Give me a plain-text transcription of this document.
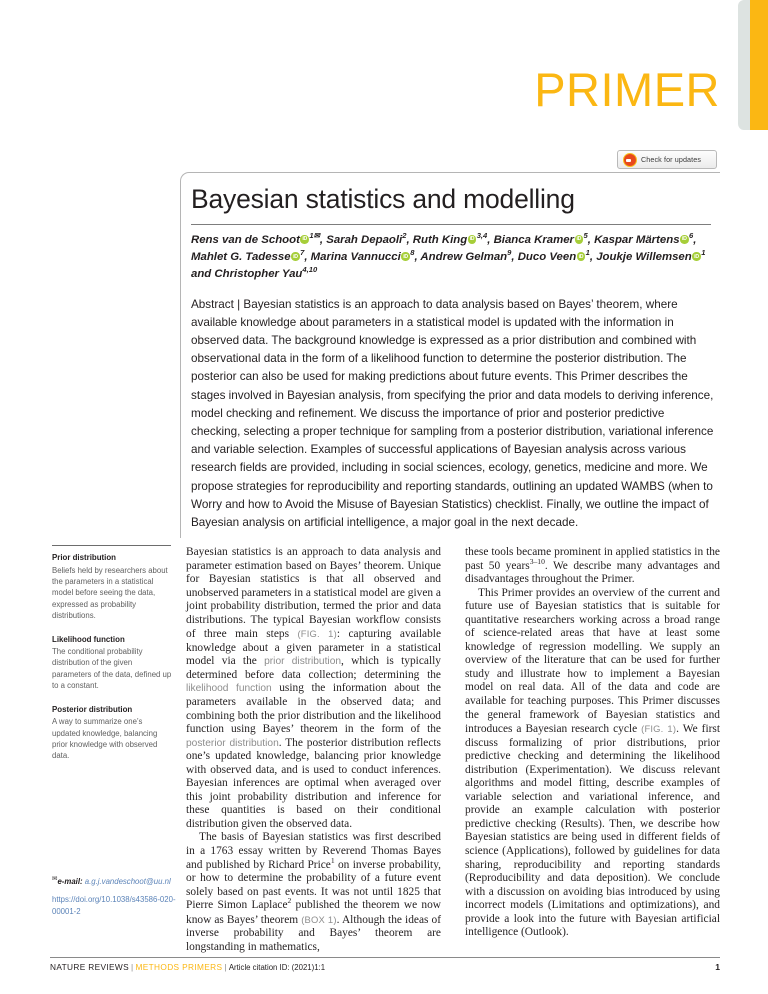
PRIMER
Check for updates
Bayesian statistics and modelling
Rens van de Schoot iD $^{1✉}$, Sarah Depaoli$^2$, Ruth King iD $^{3,4}$, Bianca Kramer iD $^5$, Kaspar Märtens iD $^6$, Mahlet G. Tadesse iD $^7$, Marina Vannucci iD $^8$, Andrew Gelman$^9$, Duco VeeniD $^1$, Joukje Willemsen iD $^1$ and Christopher Yau$^{4,10}$
Abstract | Bayesian statistics is an approach to data analysis based on Bayes’ theorem, where available knowledge about parameters in a statistical model is updated with the information in observed data. The background knowledge is expressed as a prior distribution and combined with observational data in the form of a likelihood function to determine the posterior distribution. The posterior can also be used for making predictions about future events. This Primer describes the stages involved in Bayesian analysis, from specifying the prior and data models to deriving inference, model checking and refinement. We discuss the importance of prior and posterior predictive checking, selecting a proper technique for sampling from a posterior distribution, variational inference and variable selection. Examples of successful applications of Bayesian analysis across various research fields are provided, including in social sciences, ecology, genetics, medicine and more. We propose strategies for reproducibility and reporting standards, outlining an updated WAMBS (when to Worry and how to Avoid the Misuse of Bayesian Statistics) checklist. Finally, we outline the impact of Bayesian analysis on artificial intelligence, a major goal in the next decade.
Prior distribution
Beliefs held by researchers about the parameters in a statistical model before seeing the data, expressed as probability distributions.
Likelihood function
The conditional probability distribution of the given parameters of the data, defined up to a constant.
Posterior distribution
A way to summarize one’s updated knowledge, balancing prior knowledge with observed data.
✉e-mail: a.g.j.vandeschoot@uu.nl
https://doi.org/10.1038/s43586-020-00001-2

Bayesian statistics is an approach to data analysis and parameter estimation based on Bayes’ theorem. Unique for Bayesian statistics is that all observed and unobserved parameters in a statistical model are given a joint probability distribution, termed the prior and data distributions. The typical Bayesian workflow consists of three main steps (FIG. 1): capturing available knowledge about a given parameter in a statistical model via the prior distribution, which is typically determined before data collection; determining the likelihood function using the information about the parameters available in the observed data; and combining both the prior distribution and the likelihood function using Bayes’ theorem in the form of the posterior distribution. The posterior distribution reflects one’s updated knowledge, balancing prior knowledge with observed data, and is used to conduct inferences. Bayesian inferences are optimal when averaged over this joint probability distribution and inference for these quantities is based on their conditional distribution given the observed data.

The basis of Bayesian statistics was first described in a 1763 essay written by Reverend Thomas Bayes and published by Richard Price$^1$ on inverse probability, or how to determine the probability of a future event solely based on past events. It was not until 1825 that Pierre Simon Laplace$^2$ published the theorem we now know as Bayes’ theorem (BOX 1). Although the ideas of inverse probability and Bayes’ theorem are longstanding in mathematics,

these tools became prominent in applied statistics in the past 50 years$^{3-10}$. We describe many advantages and disadvantages throughout the Primer.

This Primer provides an overview of the current and future use of Bayesian statistics that is suitable for quantitative researchers working across a broad range of science-related areas that have at least some knowledge of regression modelling. We supply an overview of the literature that can be used for further study and illustrate how to implement a Bayesian model on real data. All of the data and code are available for teaching purposes. This Primer discusses the general framework of Bayesian statistics and introduces a Bayesian research cycle (FIG. 1). We first discuss formalizing of prior distributions, prior predictive checking and determining the likelihood distribution (Experimentation). We discuss relevant algorithms and model fitting, describe examples of variable selection and variational inference, and provide an example calculation with posterior predictive checking (Results). Then, we describe how Bayesian statistics are being used in different fields of science (Applications), followed by guidelines for data sharing, reproducibility and reporting standards (Reproducibility and data deposition). We conclude with a discussion on avoiding bias introduced by using incorrect models (Limitations and optimizations), and provide a look into the future with Bayesian artificial intelligence (Outlook).

NATURE REVIEWS | METHODS PRIMERS | Article citation ID: (2021)1:1	1
